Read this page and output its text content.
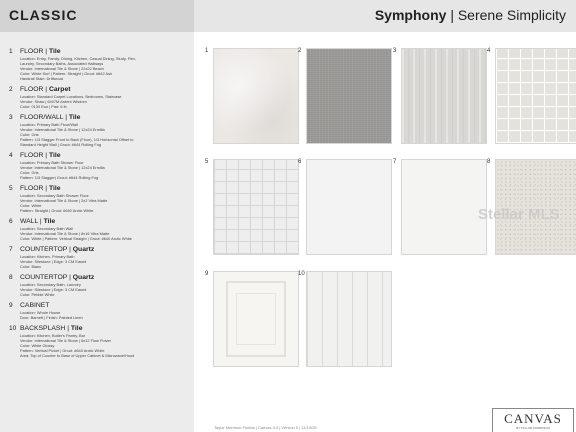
CLASSIC	Symphony | Serene Simplicity
1	FLOOR | Tile
Location: Entry, Family, Dining, Kitchen, Casual Dining, Study, Flex,
Laundry, Secondary Baths, Associated Hallways
Vendor: International Tile & Stone | 22x22 Beach
Color: White Surf | Pattern: Straight | Grout: #642 Ash
Handrail Stain: Driftwood
2	FLOOR | Carpet
Location: Standard Carpet Locations, Bedrooms, Staircase
Vendor: Shaw | 6407M Ardent Wisdom
Color: 0130 Eon | Pad: 6 lb
3	FLOOR/WALL | Tile
Location: Primary Bath Floor/Wall
Vendor: International Tile & Stone | 12x24 Ermilla
Color: Gris
Pattern: 1/3 Stagger Front to Back (Floor), 1/3 Horizontal Offset to
Standard Height Wall | Grout: #644 Rolling Fog
4	FLOOR | Tile
Location: Primary Bath Shower Floor
Vendor: International Tile & Stone | 12x24 Ermilla
Color: Gris
Pattern: 1/3 Stagger| Grout: #644 Rolling Fog
5	FLOOR | Tile
Location: Secondary Bath Shower Floor
Vendor: International Tile & Stone | 2x2 Vitra Matte
Color: White
Pattern: Straight | Grout: #640 Arctic White
6	WALL | Tile
Location: Secondary Bath Wall
Vendor: International Tile & Stone | 8x16 Vitra Matte
Color: White | Pattern: Vertical Straight | Grout: #640 Arctic White
7	COUNTERTOP | Quartz
Location: Kitchen, Primary Bath
Vendor: Silestone | Edge: 3 CM Eased
Color: Blanc
8	COUNTERTOP | Quartz
Location: Secondary Bath, Laundry
Vendor: Silestone | Edge: 3 CM Eased
Color: Pebble White
9	CABINET
Location: Whole House
Door: Barnett | Finish: Painted Linen
10 BACKSPLASH | Tile
Location: Kitchen, Butler's Pantry, Bar
Vendor: International Tile & Stone | 6x12 Flow Polver
Color: White Glossy
Pattern: Vertical Picket | Grout: #640 Arctic White
Area: Top of Counter to Base of Upper Cabinet & Microwave/Hood
1	2	3	4
5	6	7	8
9	10
Stellar MLS
Taylor Morrison Florida | Canvas 4.0 | Version 0 | 11/19/25
CANVAS
BY TAYLOR MORRISON
